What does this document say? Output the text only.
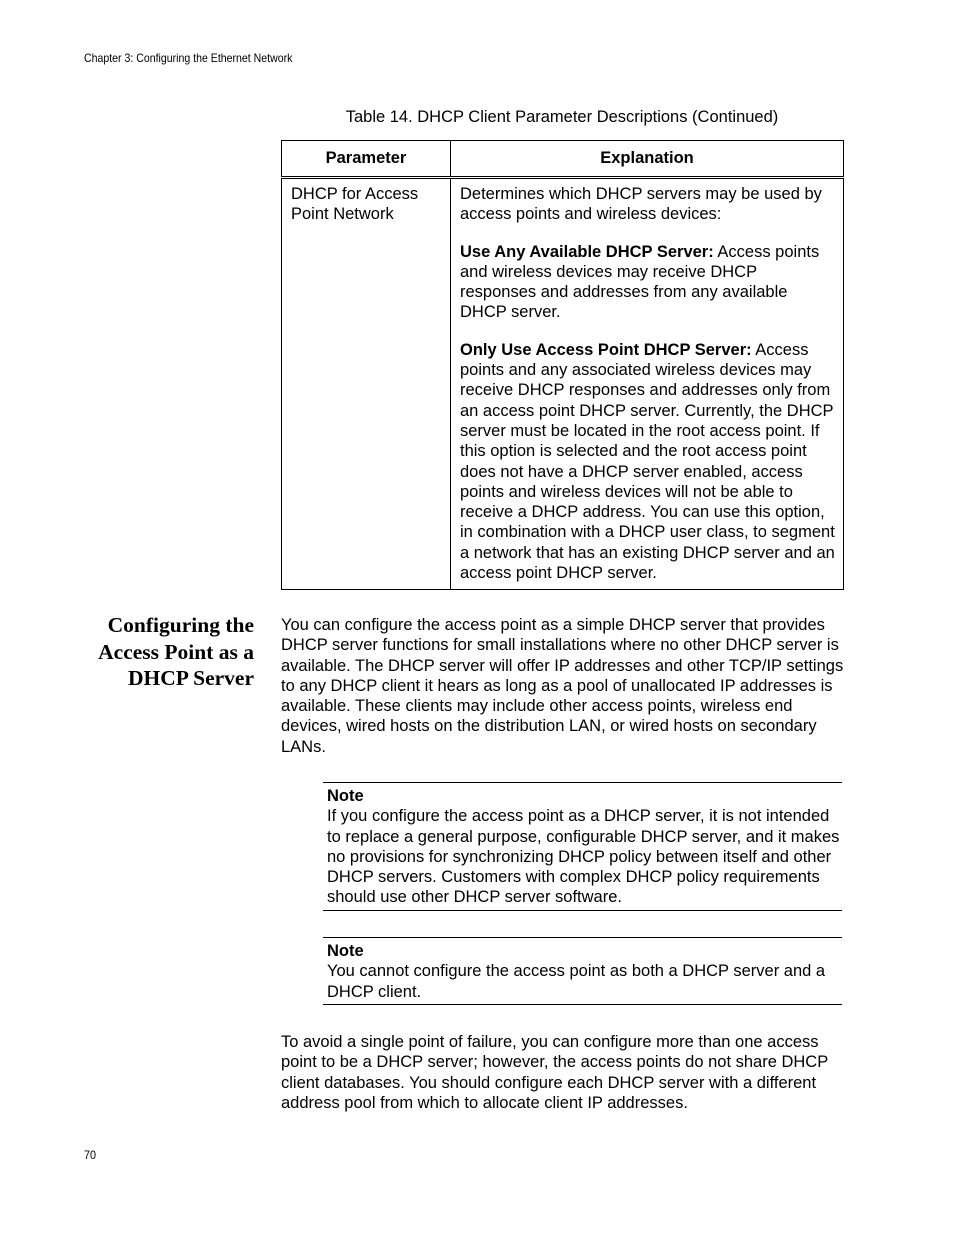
Chapter 3: Configuring the Ethernet Network
Table 14. DHCP Client Parameter Descriptions (Continued)
Parameter	Explanation
DHCP for Access Point Network	Determines which DHCP servers may be used by access points and wireless devices:

Use Any Available DHCP Server: Access points and wireless devices may receive DHCP responses and addresses from any available DHCP server.

Only Use Access Point DHCP Server: Access points and any associated wireless devices may receive DHCP responses and addresses only from an access point DHCP server. Currently, the DHCP server must be located in the root access point. If this option is selected and the root access point does not have a DHCP server enabled, access points and wireless devices will not be able to receive a DHCP address. You can use this option, in combination with a DHCP user class, to segment a network that has an existing DHCP server and an access point DHCP server.

Configuring the Access Point as a DHCP Server

You can configure the access point as a simple DHCP server that provides DHCP server functions for small installations where no other DHCP server is available. The DHCP server will offer IP addresses and other TCP/IP settings to any DHCP client it hears as long as a pool of unallocated IP addresses is available. These clients may include other access points, wireless end devices, wired hosts on the distribution LAN, or wired hosts on secondary LANs.

Note
If you configure the access point as a DHCP server, it is not intended to replace a general purpose, configurable DHCP server, and it makes no provisions for synchronizing DHCP policy between itself and other DHCP servers. Customers with complex DHCP policy requirements should use other DHCP server software.
Note
You cannot configure the access point as both a DHCP server and a DHCP client.

To avoid a single point of failure, you can configure more than one access point to be a DHCP server; however, the access points do not share DHCP client databases. You should configure each DHCP server with a different address pool from which to allocate client IP addresses.

70
